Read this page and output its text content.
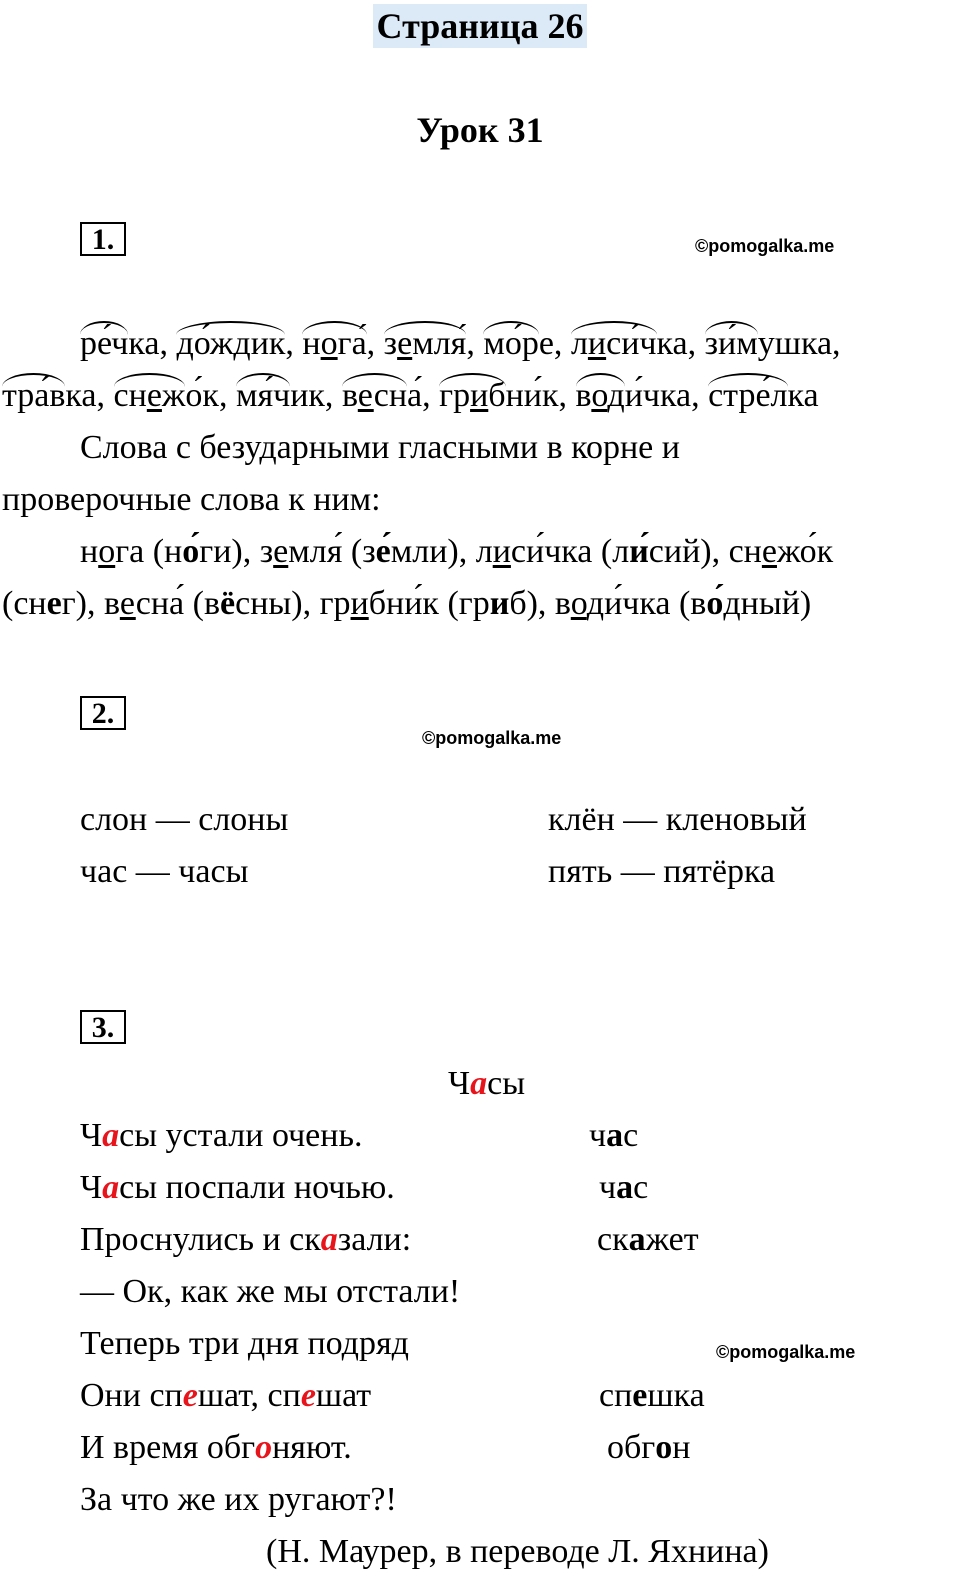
Страница 26
Урок 31
1.	©pomogalka.me
ре́чка, до́ждик, нога́, земля́, мо́ре, лиси́чка, зи́мушка,
тра́вка, снежо́к, мя́чик, весна́, грибни́к, води́чка, стре́лка
Слова с безударными гласными в корне и
проверочные слова к ним:
нога (но́ги), земля́ (зе́мли), лиси́чка (ли́сий), снежо́к
(снег), весна́ (вёсны), грибни́к (гриб), води́чка (во́дный)
2.
©pomogalka.me
слон — слоны
час — часы
клён — кленовый
пять — пятёрка
3.
Часы
Часы устали очень.
Часы поспали ночью.
Проснулись и сказали:
— Ок, как же мы отстали!
Теперь три дня подряд
Они спешат, спешат
И время обгоняют.
За что же их ругают?!
час
час
скажет
©pomogalka.me
спешка
обгон
(Н. Маурер, в переводе Л. Яхнина)
